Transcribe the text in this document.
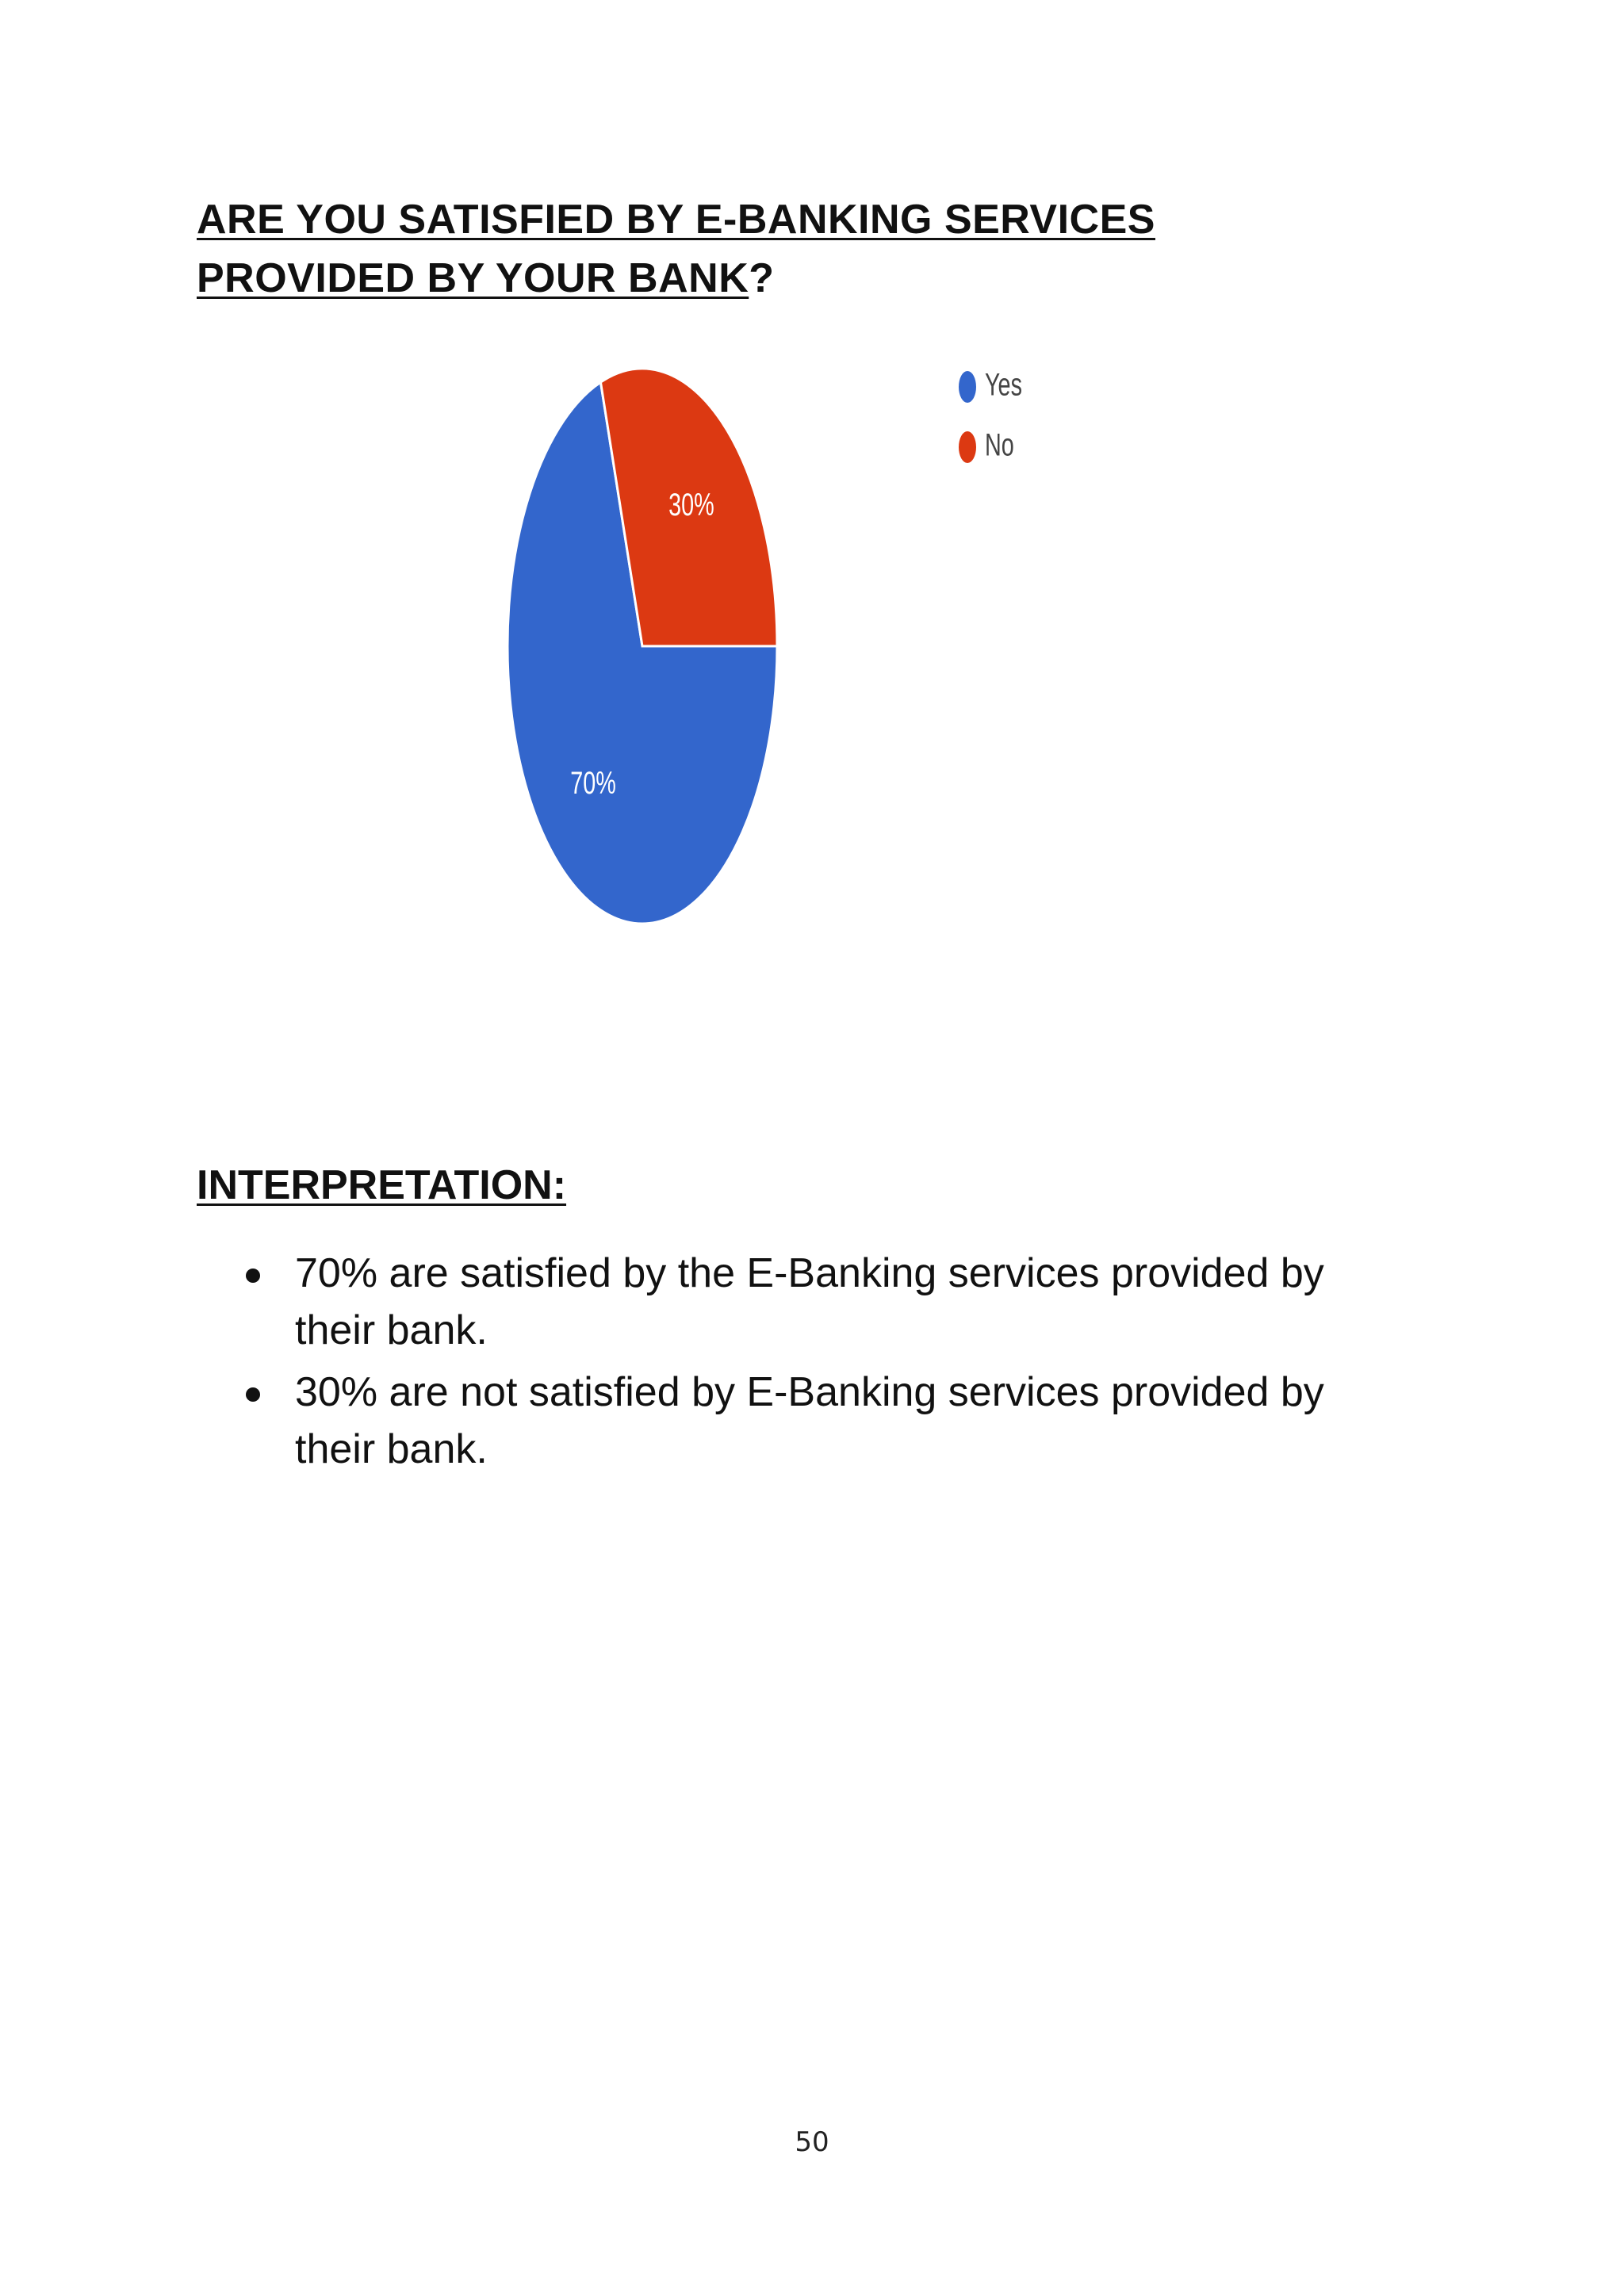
ARE YOU SATISFIED BY E-BANKING SERVICES
PROVIDED BY YOUR BANK?
70%
30%
Yes
No
INTERPRETATION:
70% are satisfied by the E-Banking services provided by their bank.
30% are not satisfied by E-Banking services provided by their bank.
50
